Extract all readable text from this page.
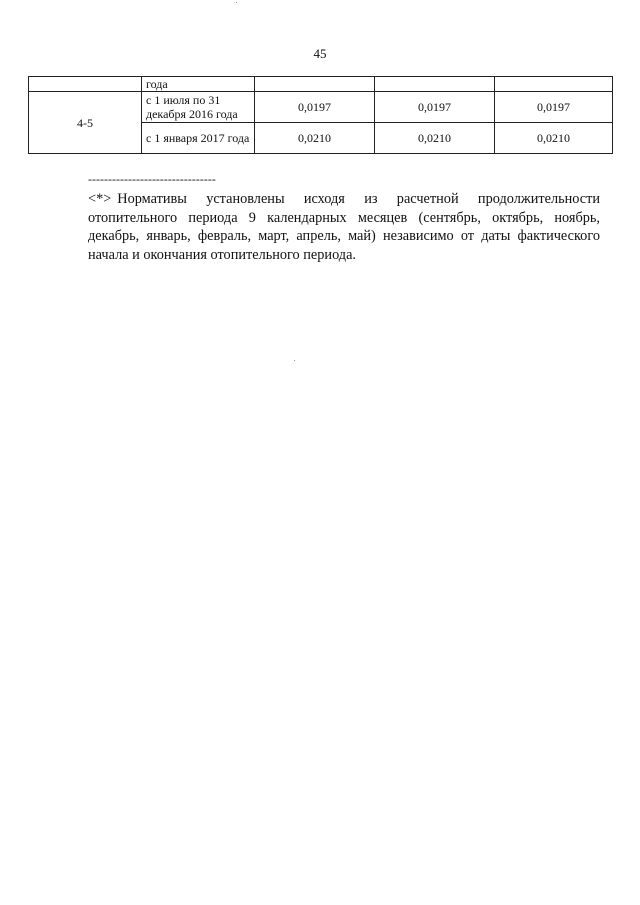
45
	года			
4-5	с 1 июля по 31 декабря 2016 года	0,0197	0,0197	0,0197
	с 1 января 2017 года	0,0210	0,0210	0,0210
--------------------------------
<*> Нормативы установлены исходя из расчетной продолжительности отопительного периода 9 календарных месяцев (сентябрь, октябрь, ноябрь, декабрь, январь, февраль, март, апрель, май) независимо от даты фактического начала и окончания отопительного периода.
